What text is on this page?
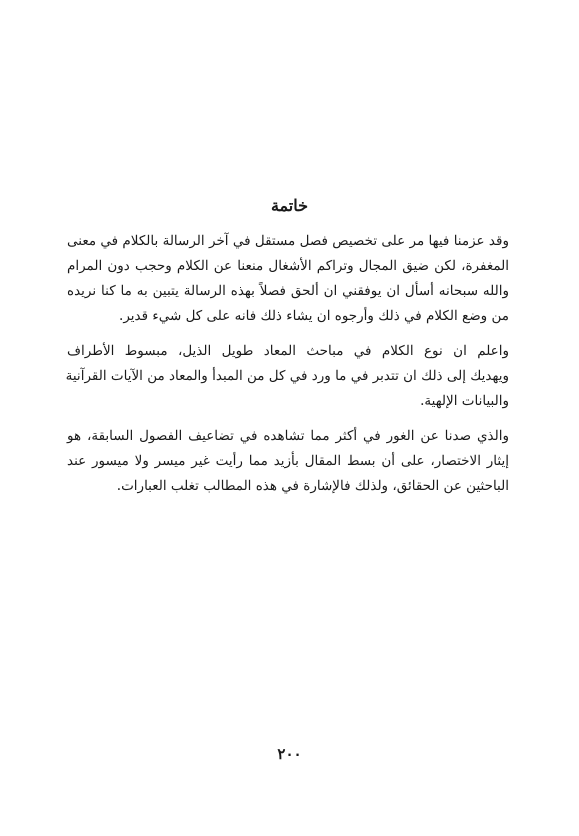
خاتمة
وقد عزمنا فيها مر على تخصيص فصل مستقل في آخر الرسالة بالكلام في معنى
المغفرة، لكن ضيق المجال وتراكم الأشغال منعنا عن الكلام وحجب دون المرام
والله سبحانه أسأل ان يوفقني ان ألحق فصلاً بهذه الرسالة يتبين به ما كنا نريده
من وضع الكلام في ذلك وأرجوه ان يشاء ذلك فانه على كل شيء قدير.
واعلم ان نوع الكلام في مباحث المعاد طويل الذيل، مبسوط الأطراف
ويهديك إلى ذلك ان تتدبر في ما ورد في كل من المبدأ والمعاد من الآيات القرآنية
والبيانات الإلهية.
والذي صدنا عن الغور في أكثر مما تشاهده في تضاعيف الفصول السابقة، هو
إيثار الاختصار، على أن بسط المقال بأزيد مما رأيت غير ميسر ولا ميسور عند
الباحثين عن الحقائق، ولذلك فالإشارة في هذه المطالب تغلب العبارات.
٢٠٠
